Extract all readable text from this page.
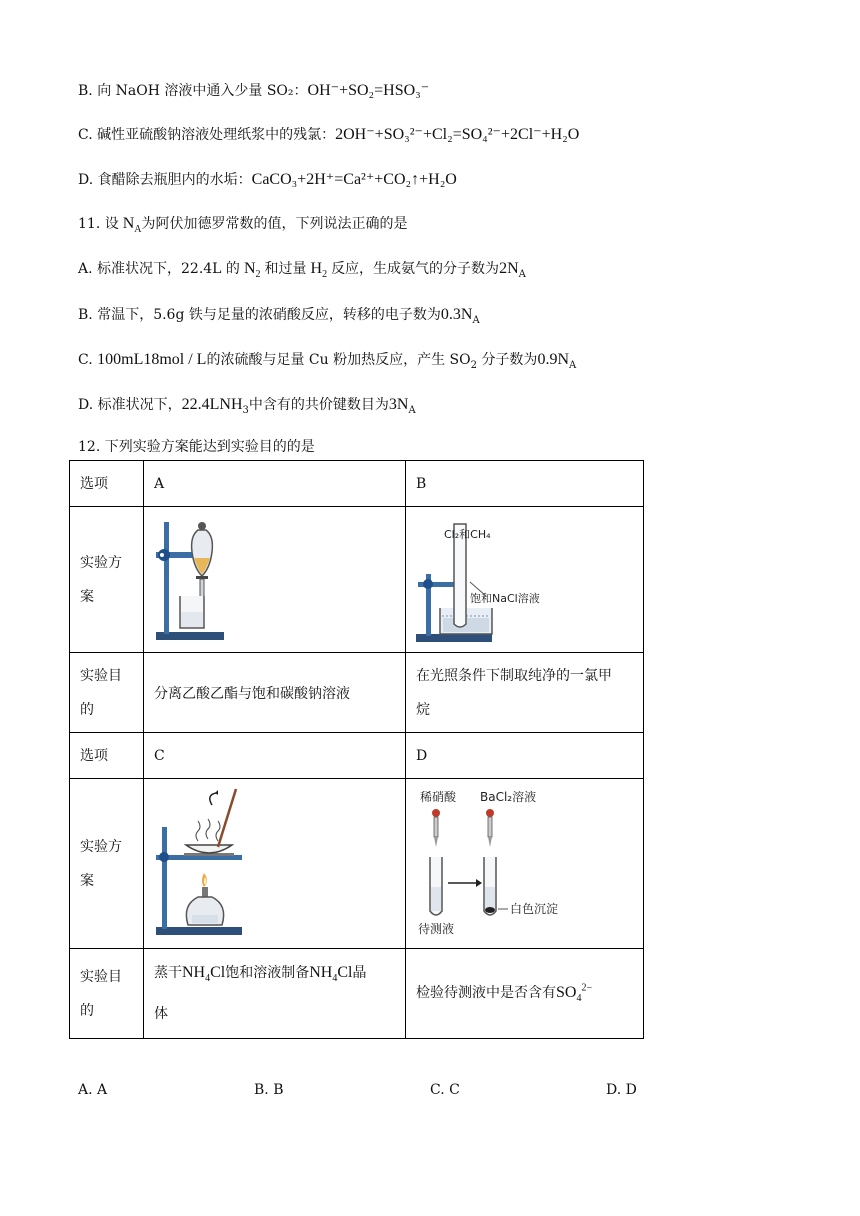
B. 向 NaOH 溶液中通入少量 SO₂：OH⁻+SO₂=HSO₃⁻
C. 碱性亚硫酸钠溶液处理纸浆中的残氯：2OH⁻+SO₃²⁻+Cl₂=SO₄²⁻+2Cl⁻+H₂O
D. 食醋除去瓶胆内的水垢：CaCO₃+2H⁺=Ca²⁺+CO₂↑+H₂O
11. 设 $N_A$为阿伏加德罗常数的值，下列说法正确的是
A. 标准状况下，22.4L 的 $N_2$ 和过量 $H_2$ 反应，生成氨气的分子数为$2N_A$
B. 常温下，5.6g 铁与足量的浓硝酸反应，转移的电子数为$0.3N_A$
C. 100mL18mol / L的浓硫酸与足量 Cu 粉加热反应，产生 $SO_2$ 分子数为$0.9N_A$
D. 标准状况下，$22.4LNH_3$中含有的共价键数目为$3N_A$
12. 下列实验方案能达到实验目的的是
选项	A	B
实验方
案		Cl₂和CH₄
饱和NaCl溶液

实验目
的	分离乙酸乙酯与饱和碳酸钠溶液	在光照条件下制取纯净的一氯甲
烷
选项	C	D
实验方
案		稀硝酸 BaCl₂溶液
白色沉淀
待测液

实验目
的	蒸干$NH_4Cl$饱和溶液制备$NH_4Cl$晶
体	检验待测液中是否含有$SO_4^{2-}$
A. A	B. B	C. C	D. D
